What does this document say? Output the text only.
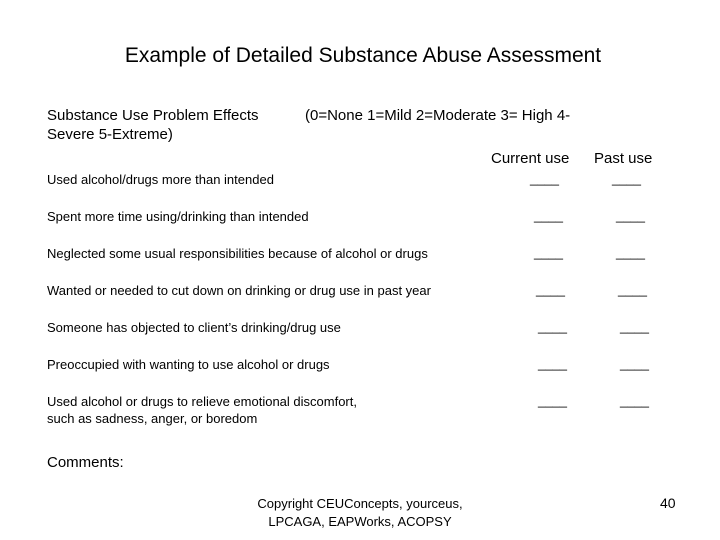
Example of Detailed Substance Abuse Assessment
Substance Use Problem Effects	(0=None 1=Mild 2=Moderate 3= High 4-
Severe 5-Extreme)
Current use Past use
Used alcohol/drugs more than intended	____	____
Spent more time using/drinking than intended	____	____
Neglected some usual responsibilities because of alcohol or drugs	____	____
Wanted or needed to cut down on drinking or drug use in past year	____	____
Someone has objected to client’s drinking/drug use	____	____
Preoccupied with wanting to use alcohol or drugs	____	____
Used alcohol or drugs to relieve emotional discomfort,
such as sadness, anger, or boredom
____	____
Comments:
Copyright CEUConcepts, yourceus, LPCAGA, EAPWorks, ACOPSY
40
